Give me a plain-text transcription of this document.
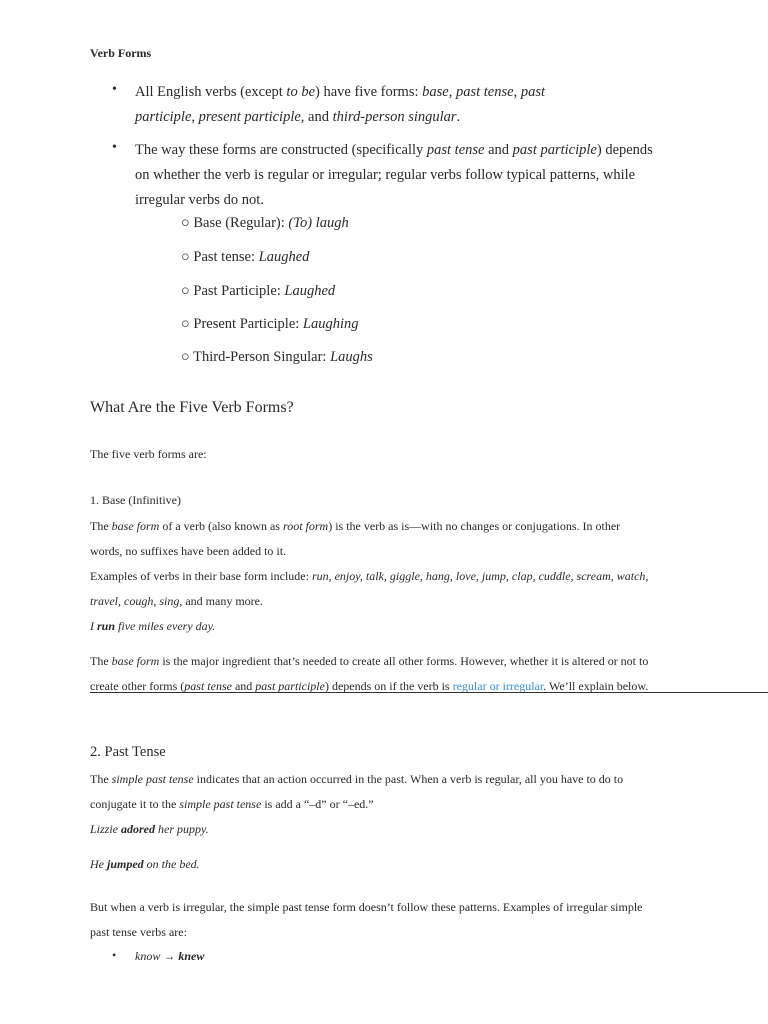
Verb Forms
• All English verbs (except to be) have five forms: base, past tense, past
participle, present participle, and third-person singular.
• The way these forms are constructed (specifically past tense and past participle) depends
on whether the verb is regular or irregular; regular verbs follow typical patterns, while
irregular verbs do not.
○ Base (Regular): (To) laugh
○ Past tense: Laughed
○ Past Participle: Laughed
○ Present Participle: Laughing
○ Third-Person Singular: Laughs
What Are the Five Verb Forms?
The five verb forms are:
1. Base (Infinitive)
The base form of a verb (also known as root form) is the verb as is—with no changes or conjugations. In other
words, no suffixes have been added to it.
Examples of verbs in their base form include: run, enjoy, talk, giggle, hang, love, jump, clap, cuddle, scream, watch,
travel, cough, sing, and many more.
I run five miles every day.
The base form is the major ingredient that’s needed to create all other forms. However, whether it is altered or not to
create other forms (past tense and past participle) depends on if the verb is regular or irregular. We’ll explain below.
2. Past Tense
The simple past tense indicates that an action occurred in the past. When a verb is regular, all you have to do to
conjugate it to the simple past tense is add a “–d” or “–ed.”
Lizzie adored her puppy.
He jumped on the bed.
But when a verb is irregular, the simple past tense form doesn’t follow these patterns. Examples of irregular simple
past tense verbs are:
• know → knew
